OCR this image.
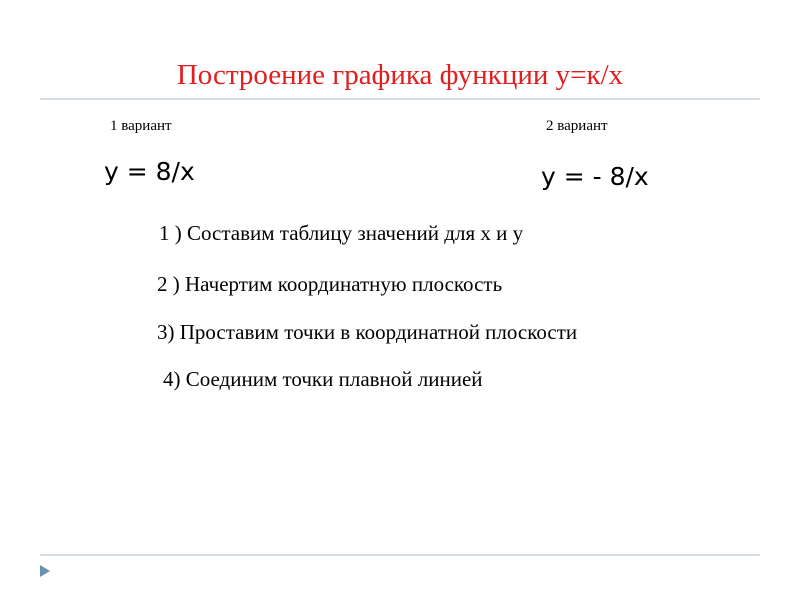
Построение графика функции у=к/х
1 вариант	2 вариант
у = 8/х	у = - 8/х
1 ) Составим таблицу значений для х и у
2 ) Начертим координатную плоскость
3) Проставим точки в координатной плоскости
4) Соединим точки плавной линией
